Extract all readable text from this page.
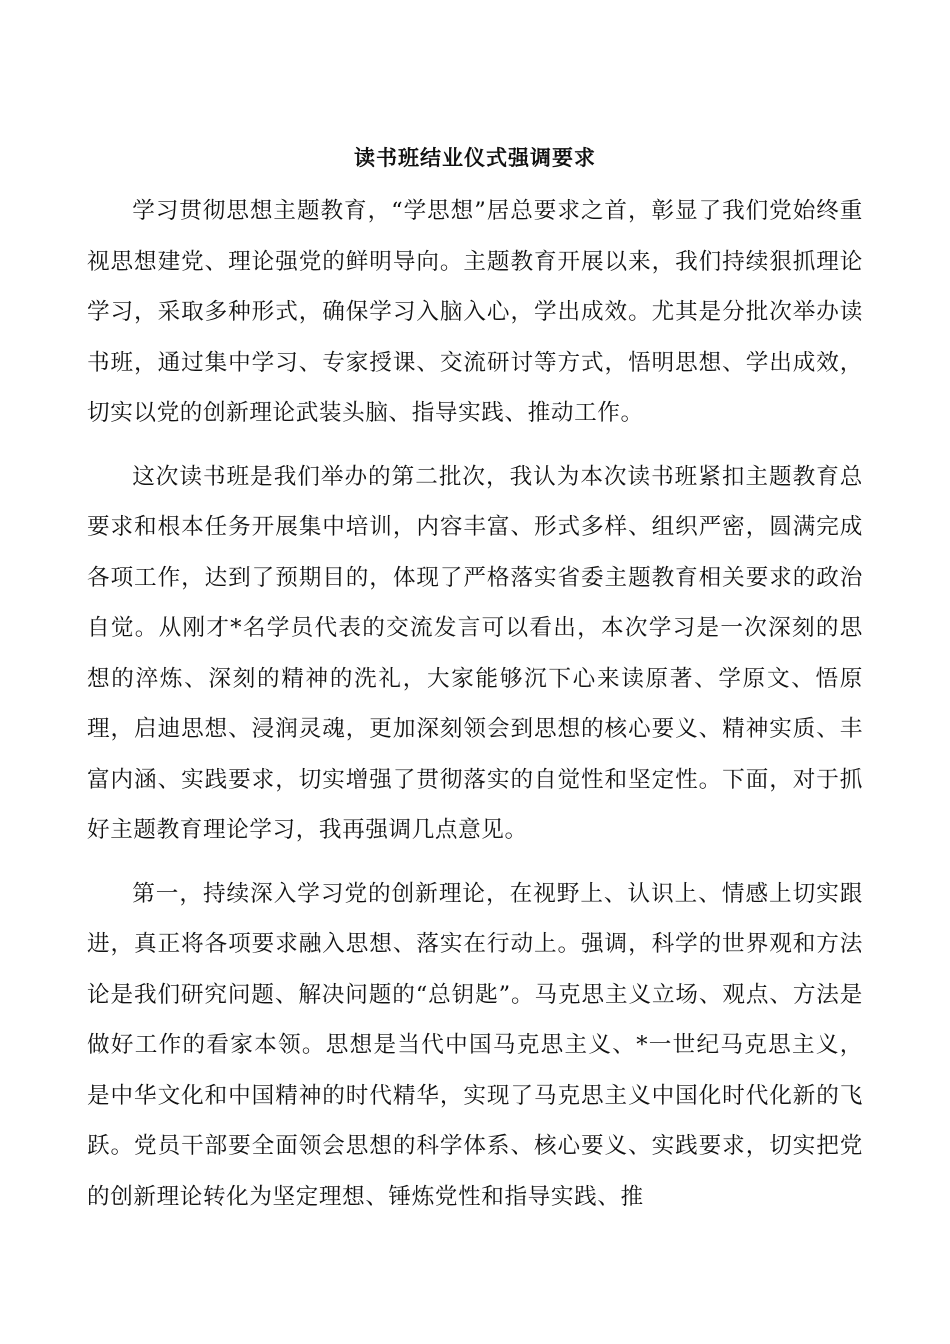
读书班结业仪式强调要求

学习贯彻思想主题教育，“学思想”居总要求之首，彰显了我们党始终重视思想建党、理论强党的鲜明导向。主题教育开展以来，我们持续狠抓理论学习，采取多种形式，确保学习入脑入心，学出成效。尤其是分批次举办读书班，通过集中学习、专家授课、交流研讨等方式，悟明思想、学出成效，切实以党的创新理论武装头脑、指导实践、推动工作。

这次读书班是我们举办的第二批次，我认为本次读书班紧扣主题教育总要求和根本任务开展集中培训，内容丰富、形式多样、组织严密，圆满完成各项工作，达到了预期目的，体现了严格落实省委主题教育相关要求的政治自觉。从刚才*名学员代表的交流发言可以看出，本次学习是一次深刻的思想的淬炼、深刻的精神的洗礼，大家能够沉下心来读原著、学原文、悟原理，启迪思想、浸润灵魂，更加深刻领会到思想的核心要义、精神实质、丰富内涵、实践要求，切实增强了贯彻落实的自觉性和坚定性。下面，对于抓好主题教育理论学习，我再强调几点意见。

第一，持续深入学习党的创新理论，在视野上、认识上、情感上切实跟进，真正将各项要求融入思想、落实在行动上。强调，科学的世界观和方法论是我们研究问题、解决问题的“总钥匙”。马克思主义立场、观点、方法是做好工作的看家本领。思想是当代中国马克思主义、*一世纪马克思主义，是中华文化和中国精神的时代精华，实现了马克思主义中国化时代化新的飞跃。党员干部要全面领会思想的科学体系、核心要义、实践要求，切实把党的创新理论转化为坚定理想、锤炼党性和指导实践、推
